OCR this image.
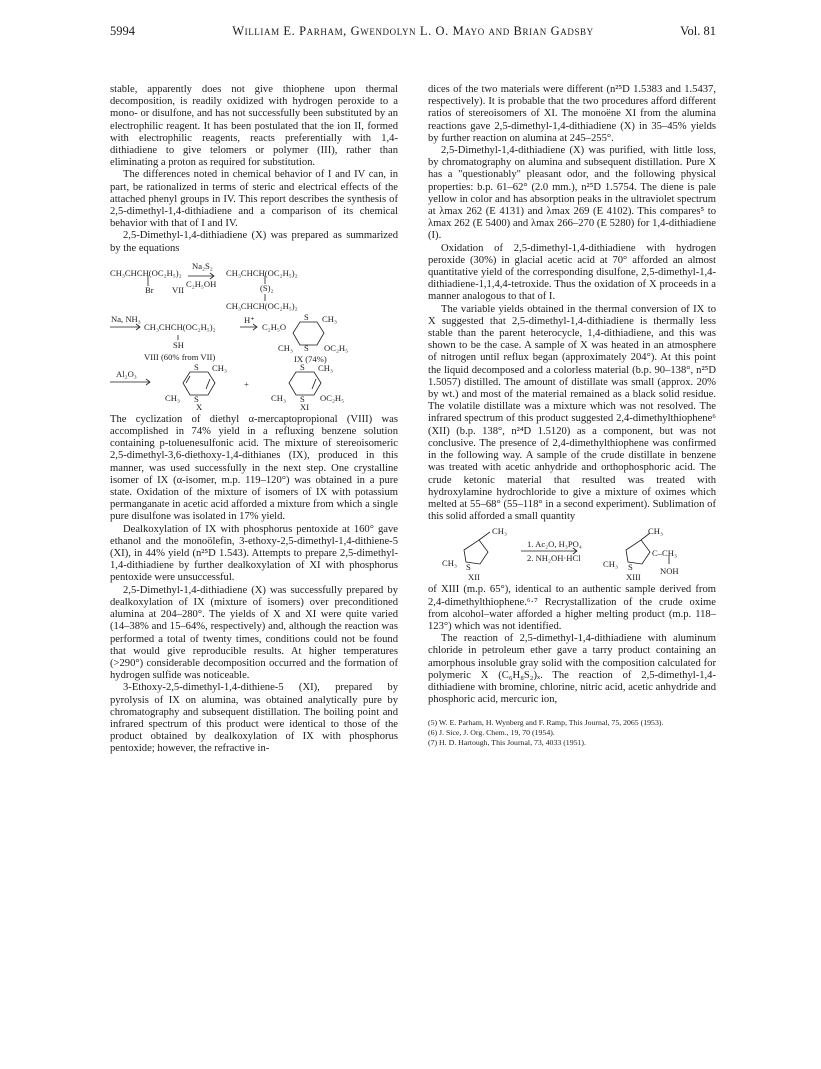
5994	William E. Parham, Gwendolyn L. O. Mayo and Brian Gadsby	Vol. 81

stable, apparently does not give thiophene upon thermal decomposition, is readily oxidized with hydrogen peroxide to a mono- or disulfone, and has not successfully been substituted by an electrophilic reagent. It has been postulated that the ion II, formed with electrophilic reagents, reacts preferentially with 1,4-dithiadiene to give telomers or polymer (III), rather than eliminating a proton as required for substitution.

The differences noted in chemical behavior of I and IV can, in part, be rationalized in terms of steric and electrical effects of the attached phenyl groups in IV. This report describes the synthesis of 2,5-dimethyl-1,4-dithiadiene and a comparison of its chemical behavior with that of I and IV.

2,5-Dimethyl-1,4-dithiadiene (X) was prepared as summarized by the equations

CH₃CHCH(OC₂H₅)₂
Br VII
Na₂S₂
C₂H₅OH
CH₃CHCH(OC₂H₅)₂
(S)₂
CH₃CHCH(OC₂H₅)₂
Na, NH₃
CH₃CHCH(OC₂H₅)₂
SH
VIII (60% from VII)
H⁺
C₂H₅O
S CH₃
CH₃ S OC₂H₅
IX (74%)
Al₂O₃
S CH₃
CH₃ S
X
+
S CH₃
CH₃ S OC₂H₅
XI

The cyclization of diethyl α-mercaptopropional (VIII) was accomplished in 74% yield in a refluxing benzene solution containing p-toluenesulfonic acid. The mixture of stereoisomeric 2,5-dimethyl-3,6-diethoxy-1,4-dithianes (IX), produced in this manner, was used successfully in the next step. One crystalline isomer of IX (α-isomer, m.p. 119–120°) was obtained in a pure state. Oxidation of the mixture of isomers of IX with potassium permanganate in acetic acid afforded a mixture from which a single pure disulfone was isolated in 17% yield.

Dealkoxylation of IX with phosphorus pentoxide at 160° gave ethanol and the monoölefin, 3-ethoxy-2,5-dimethyl-1,4-dithiene-5 (XI), in 44% yield (n²⁵D 1.543). Attempts to prepare 2,5-dimethyl-1,4-dithiadiene by further dealkoxylation of XI with phosphorus pentoxide were unsuccessful.

2,5-Dimethyl-1,4-dithiadiene (X) was successfully prepared by dealkoxylation of IX (mixture of isomers) over preconditioned alumina at 204–280°. The yields of X and XI were quite varied (14–38% and 15–64%, respectively) and, although the reaction was performed a total of twenty times, conditions could not be found that would give reproducible results. At higher temperatures (>290°) considerable decomposition occurred and the formation of hydrogen sulfide was noticeable.

3-Ethoxy-2,5-dimethyl-1,4-dithiene-5 (XI), prepared by pyrolysis of IX on alumina, was obtained analytically pure by chromatography and subsequent distillation. The boiling point and infrared spectrum of this product were identical to those of the product obtained by dealkoxylation of IX with phosphorus pentoxide; however, the refractive in-

dices of the two materials were different (n²⁵D 1.5383 and 1.5437, respectively). It is probable that the two procedures afford different ratios of stereoisomers of XI. The monoëne XI from the alumina reactions gave 2,5-dimethyl-1,4-dithiadiene (X) in 35–45% yields by further reaction on alumina at 245–255°.

2,5-Dimethyl-1,4-dithiadiene (X) was purified, with little loss, by chromatography on alumina and subsequent distillation. Pure X has a "questionably" pleasant odor, and the following physical properties: b.p. 61–62° (2.0 mm.), n²⁵D 1.5754. The diene is pale yellow in color and has absorption peaks in the ultraviolet spectrum at λmax 262 (E 4131) and λmax 269 (E 4102). This compares⁵ to λmax 262 (E 5400) and λmax 266–270 (E 5280) for 1,4-dithiadiene (I).

Oxidation of 2,5-dimethyl-1,4-dithiadiene with hydrogen peroxide (30%) in glacial acetic acid at 70° afforded an almost quantitative yield of the corresponding disulfone, 2,5-dimethyl-1,4-dithiadiene-1,1,4,4-tetroxide. Thus the oxidation of X proceeds in a manner analogous to that of I.

The variable yields obtained in the thermal conversion of IX to X suggested that 2,5-dimethyl-1,4-dithiadiene is thermally less stable than the parent heterocycle, 1,4-dithiadiene, and this was shown to be the case. A sample of X was heated in an atmosphere of nitrogen until reflux began (approximately 204°). At this point the liquid decomposed and a colorless material (b.p. 90–138°, n²⁵D 1.5057) distilled. The amount of distillate was small (approx. 20% by wt.) and most of the material remained as a black solid residue. The volatile distillate was a mixture which was not resolved. The infrared spectrum of this product suggested 2,4-dimethylthiophene⁶ (XII) (b.p. 138°, n²⁴D 1.5120) as a component, but was not conclusive. The presence of 2,4-dimethylthiophene was confirmed in the following way. A sample of the crude distillate in benzene was treated with acetic anhydride and orthophosphoric acid. The crude ketonic material that resulted was treated with hydroxylamine hydrochloride to give a mixture of oximes which melted at 55–68° (55–118° in a second experiment). Sublimation of this solid afforded a small quantity

CH₃
CH₃ S
XII
1. Ac₂O, H₃PO₄
2. NH₂OH·HCl
CH₃
CH₃ S
C–CH₃
NOH
XIII

of XIII (m.p. 65°), identical to an authentic sample derived from 2,4-dimethylthiophene.⁶·⁷ Recrystallization of the crude oxime from alcohol–water afforded a higher melting product (m.p. 118–123°) which was not identified.

The reaction of 2,5-dimethyl-1,4-dithiadiene with aluminum chloride in petroleum ether gave a tarry product containing an amorphous insoluble gray solid with the composition calculated for polymeric X (C₆H₈S₂)ₓ. The reaction of 2,5-dimethyl-1,4-dithiadiene with bromine, chlorine, nitric acid, acetic anhydride and phosphoric acid, mercuric ion,

(5) W. E. Parham, H. Wynberg and F. Ramp, This Journal, 75, 2065 (1953).
(6) J. Sice, J. Org. Chem., 19, 70 (1954).
(7) H. D. Hartough, This Journal, 73, 4033 (1951).
